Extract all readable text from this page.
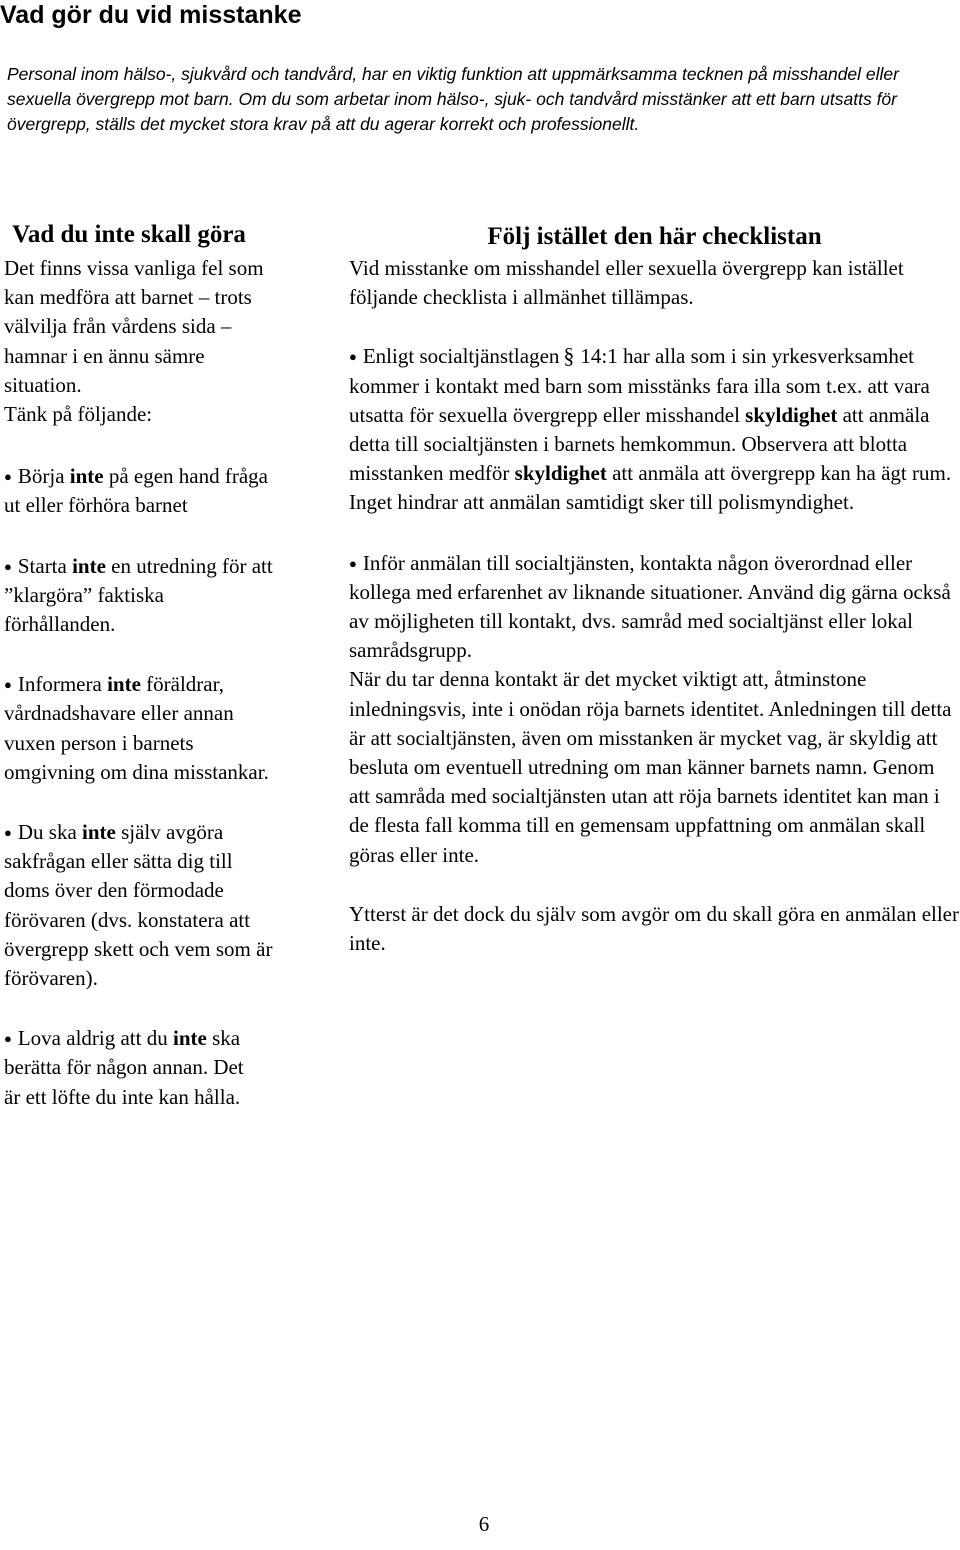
Vad gör du vid misstanke

Personal inom hälso-, sjukvård och tandvård, har en viktig funktion att uppmärksamma tecknen på misshandel eller sexuella övergrepp mot barn. Om du som arbetar inom hälso-, sjuk- och tandvård misstänker att ett barn utsatts för övergrepp, ställs det mycket stora krav på att du agerar korrekt och professionellt.

Vad du inte skall göra

Det finns vissa vanliga fel som kan medföra att barnet – trots välvilja från vårdens sida – hamnar i en ännu sämre situation.

Tänk på följande:

● Börja inte på egen hand fråga ut eller förhöra barnet

● Starta inte en utredning för att ”klargöra” faktiska förhållanden.

● Informera inte föräldrar, vårdnadshavare eller annan vuxen person i barnets omgivning om dina misstankar.

● Du ska inte själv avgöra sakfrågan eller sätta dig till doms över den förmodade förövaren (dvs. konstatera att övergrepp skett och vem som är förövaren).

● Lova aldrig att du inte ska berätta för någon annan. Det är ett löfte du inte kan hålla.

Följ istället den här checklistan

Vid misstanke om misshandel eller sexuella övergrepp kan istället följande checklista i allmänhet tillämpas.

● Enligt socialtjänstlagen § 14:1 har alla som i sin yrkesverksamhet kommer i kontakt med barn som misstänks fara illa som t.ex. att vara utsatta för sexuella övergrepp eller misshandel skyldighet att anmäla detta till socialtjänsten i barnets hemkommun. Observera att blotta misstanken medför skyldighet att anmäla att övergrepp kan ha ägt rum. Inget hindrar att anmälan samtidigt sker till polismyndighet.

● Inför anmälan till socialtjänsten, kontakta någon överordnad eller kollega med erfarenhet av liknande situationer. Använd dig gärna också av möjligheten till kontakt, dvs. samråd med socialtjänst eller lokal samrådsgrupp.

När du tar denna kontakt är det mycket viktigt att, åtminstone inledningsvis, inte i onödan röja barnets identitet. Anledningen till detta är att socialtjänsten, även om misstanken är mycket vag, är skyldig att besluta om eventuell utredning om man känner barnets namn. Genom att samråda med socialtjänsten utan att röja barnets identitet kan man i de flesta fall komma till en gemensam uppfattning om anmälan skall göras eller inte.

Ytterst är det dock du själv som avgör om du skall göra en anmälan eller inte.

6
